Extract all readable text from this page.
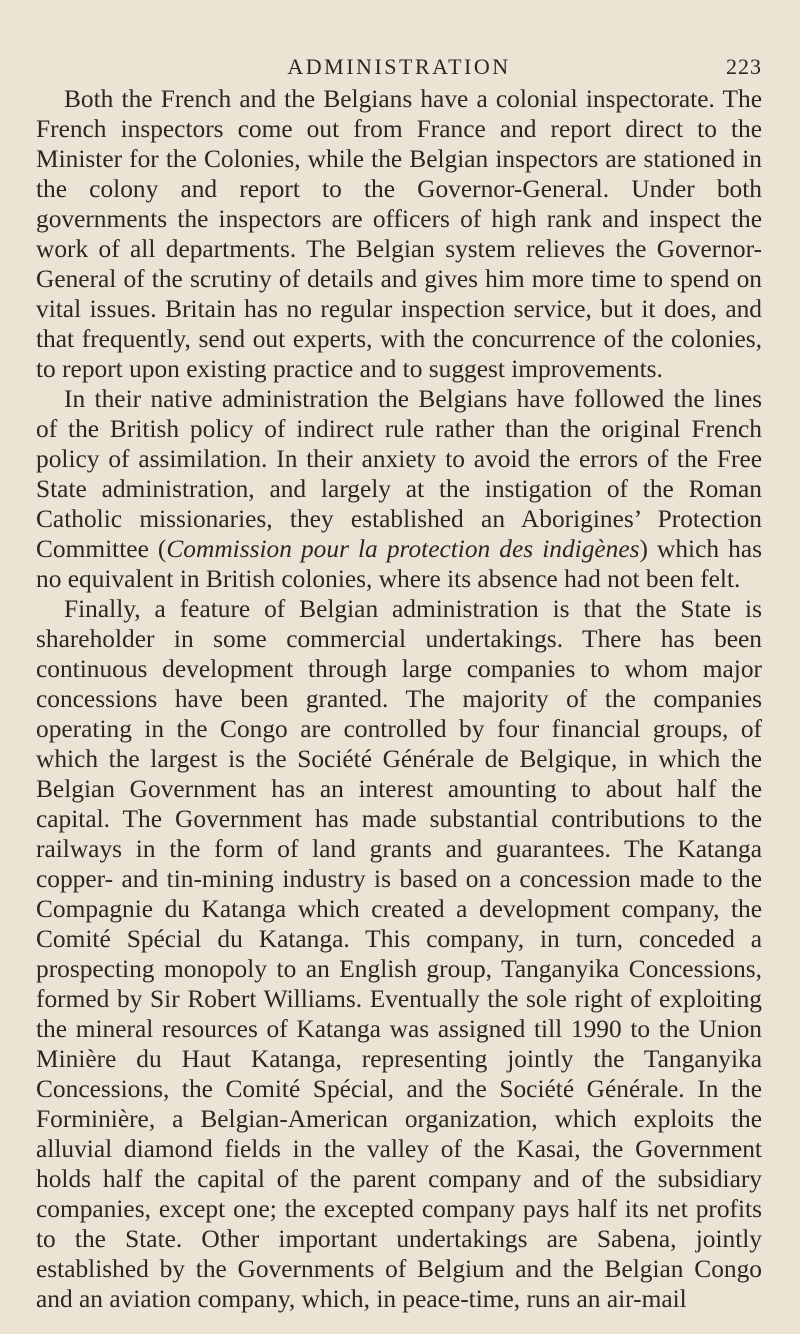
ADMINISTRATION	223

Both the French and the Belgians have a colonial inspectorate. The French inspectors come out from France and report direct to the Minister for the Colonies, while the Belgian inspectors are stationed in the colony and report to the Governor-General. Under both governments the inspectors are officers of high rank and inspect the work of all departments. The Belgian system relieves the Governor-General of the scrutiny of details and gives him more time to spend on vital issues. Britain has no regular inspection service, but it does, and that frequently, send out experts, with the concurrence of the colonies, to report upon existing practice and to suggest improvements.

In their native administration the Belgians have followed the lines of the British policy of indirect rule rather than the original French policy of assimilation. In their anxiety to avoid the errors of the Free State administration, and largely at the instigation of the Roman Catholic missionaries, they established an Aborigines’ Protection Committee (Commission pour la protection des indigènes) which has no equivalent in British colonies, where its absence had not been felt.

Finally, a feature of Belgian administration is that the State is shareholder in some commercial undertakings. There has been continuous development through large companies to whom major concessions have been granted. The majority of the companies operating in the Congo are controlled by four financial groups, of which the largest is the Société Générale de Belgique, in which the Belgian Government has an interest amounting to about half the capital. The Government has made substantial contributions to the railways in the form of land grants and guarantees. The Katanga copper- and tin-mining industry is based on a concession made to the Compagnie du Katanga which created a development company, the Comité Spécial du Katanga. This company, in turn, conceded a prospecting monopoly to an English group, Tanganyika Concessions, formed by Sir Robert Williams. Eventually the sole right of exploiting the mineral resources of Katanga was assigned till 1990 to the Union Minière du Haut Katanga, representing jointly the Tanganyika Concessions, the Comité Spécial, and the Société Générale. In the Forminière, a Belgian-American organization, which exploits the alluvial diamond fields in the valley of the Kasai, the Government holds half the capital of the parent company and of the subsidiary companies, except one; the excepted company pays half its net profits to the State. Other important undertakings are Sabena, jointly established by the Governments of Belgium and the Belgian Congo and an aviation company, which, in peace-time, runs an air-mail
